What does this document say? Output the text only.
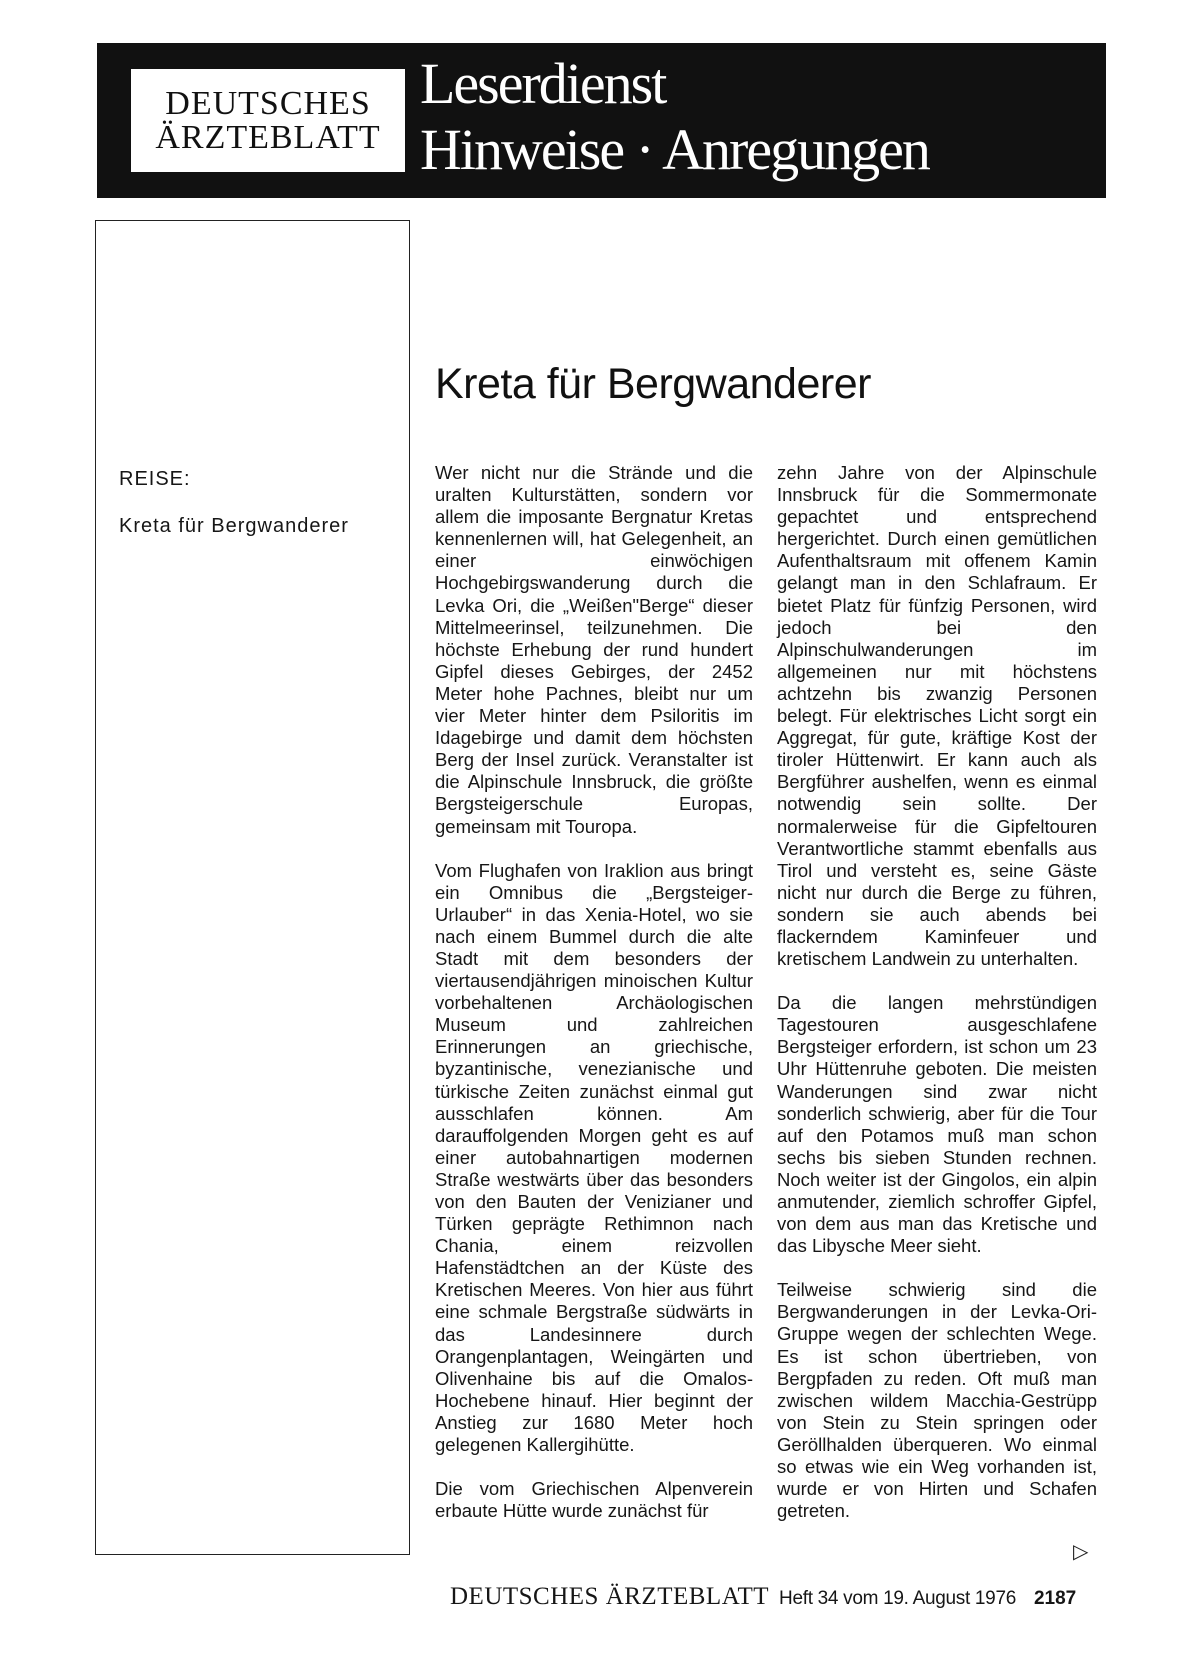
DEUTSCHES
ÄRZTEBLATT
Leserdienst
Hinweise · Anregungen
REISE:
Kreta für Bergwanderer
Kreta für Bergwanderer

Wer nicht nur die Strände und die uralten Kulturstätten, sondern vor allem die imposante Bergnatur Kretas kennenlernen will, hat Gelegenheit, an einer einwöchigen Hochgebirgswanderung durch die Levka Ori, die „Weißen"Berge“ dieser Mittelmeerinsel, teilzunehmen. Die höchste Erhebung der rund hundert Gipfel dieses Gebirges, der 2452 Meter hohe Pachnes, bleibt nur um vier Meter hinter dem Psiloritis im Idagebirge und damit dem höchsten Berg der Insel zurück. Veranstalter ist die Alpinschule Innsbruck, die größte Bergsteigerschule Europas, gemeinsam mit Touropa.

Vom Flughafen von Iraklion aus bringt ein Omnibus die „Bergsteiger-Urlauber“ in das Xenia-Hotel, wo sie nach einem Bummel durch die alte Stadt mit dem besonders der viertausendjährigen minoischen Kultur vorbehaltenen Archäologischen Museum und zahlreichen Erinnerungen an griechische, byzantinische, venezianische und türkische Zeiten zunächst einmal gut ausschlafen können. Am darauffolgenden Morgen geht es auf einer autobahnartigen modernen Straße westwärts über das besonders von den Bauten der Venizianer und Türken geprägte Rethimnon nach Chania, einem reizvollen Hafenstädtchen an der Küste des Kretischen Meeres. Von hier aus führt eine schmale Bergstraße südwärts in das Landesinnere durch Orangenplantagen, Weingärten und Olivenhaine bis auf die Omalos-Hochebene hinauf. Hier beginnt der Anstieg zur 1680 Meter hoch gelegenen Kallergihütte.

Die vom Griechischen Alpenverein erbaute Hütte wurde zunächst für

zehn Jahre von der Alpinschule Innsbruck für die Sommermonate gepachtet und entsprechend hergerichtet. Durch einen gemütlichen Aufenthaltsraum mit offenem Kamin gelangt man in den Schlafraum. Er bietet Platz für fünfzig Personen, wird jedoch bei den Alpinschulwanderungen im allgemeinen nur mit höchstens achtzehn bis zwanzig Personen belegt. Für elektrisches Licht sorgt ein Aggregat, für gute, kräftige Kost der tiroler Hüttenwirt. Er kann auch als Bergführer aushelfen, wenn es einmal notwendig sein sollte. Der normalerweise für die Gipfeltouren Verantwortliche stammt ebenfalls aus Tirol und versteht es, seine Gäste nicht nur durch die Berge zu führen, sondern sie auch abends bei flackerndem Kaminfeuer und kretischem Landwein zu unterhalten.

Da die langen mehrstündigen Tagestouren ausgeschlafene Bergsteiger erfordern, ist schon um 23 Uhr Hüttenruhe geboten. Die meisten Wanderungen sind zwar nicht sonderlich schwierig, aber für die Tour auf den Potamos muß man schon sechs bis sieben Stunden rechnen. Noch weiter ist der Gingolos, ein alpin anmutender, ziemlich schroffer Gipfel, von dem aus man das Kretische und das Libysche Meer sieht.

Teilweise schwierig sind die Bergwanderungen in der Levka-Ori-Gruppe wegen der schlechten Wege. Es ist schon übertrieben, von Bergpfaden zu reden. Oft muß man zwischen wildem Macchia-Gestrüpp von Stein zu Stein springen oder Geröllhalden überqueren. Wo einmal so etwas wie ein Weg vorhanden ist, wurde er von Hirten und Schafen getreten.

▷
DEUTSCHES ÄRZTEBLATT Heft 34 vom 19. August 1976 2187
